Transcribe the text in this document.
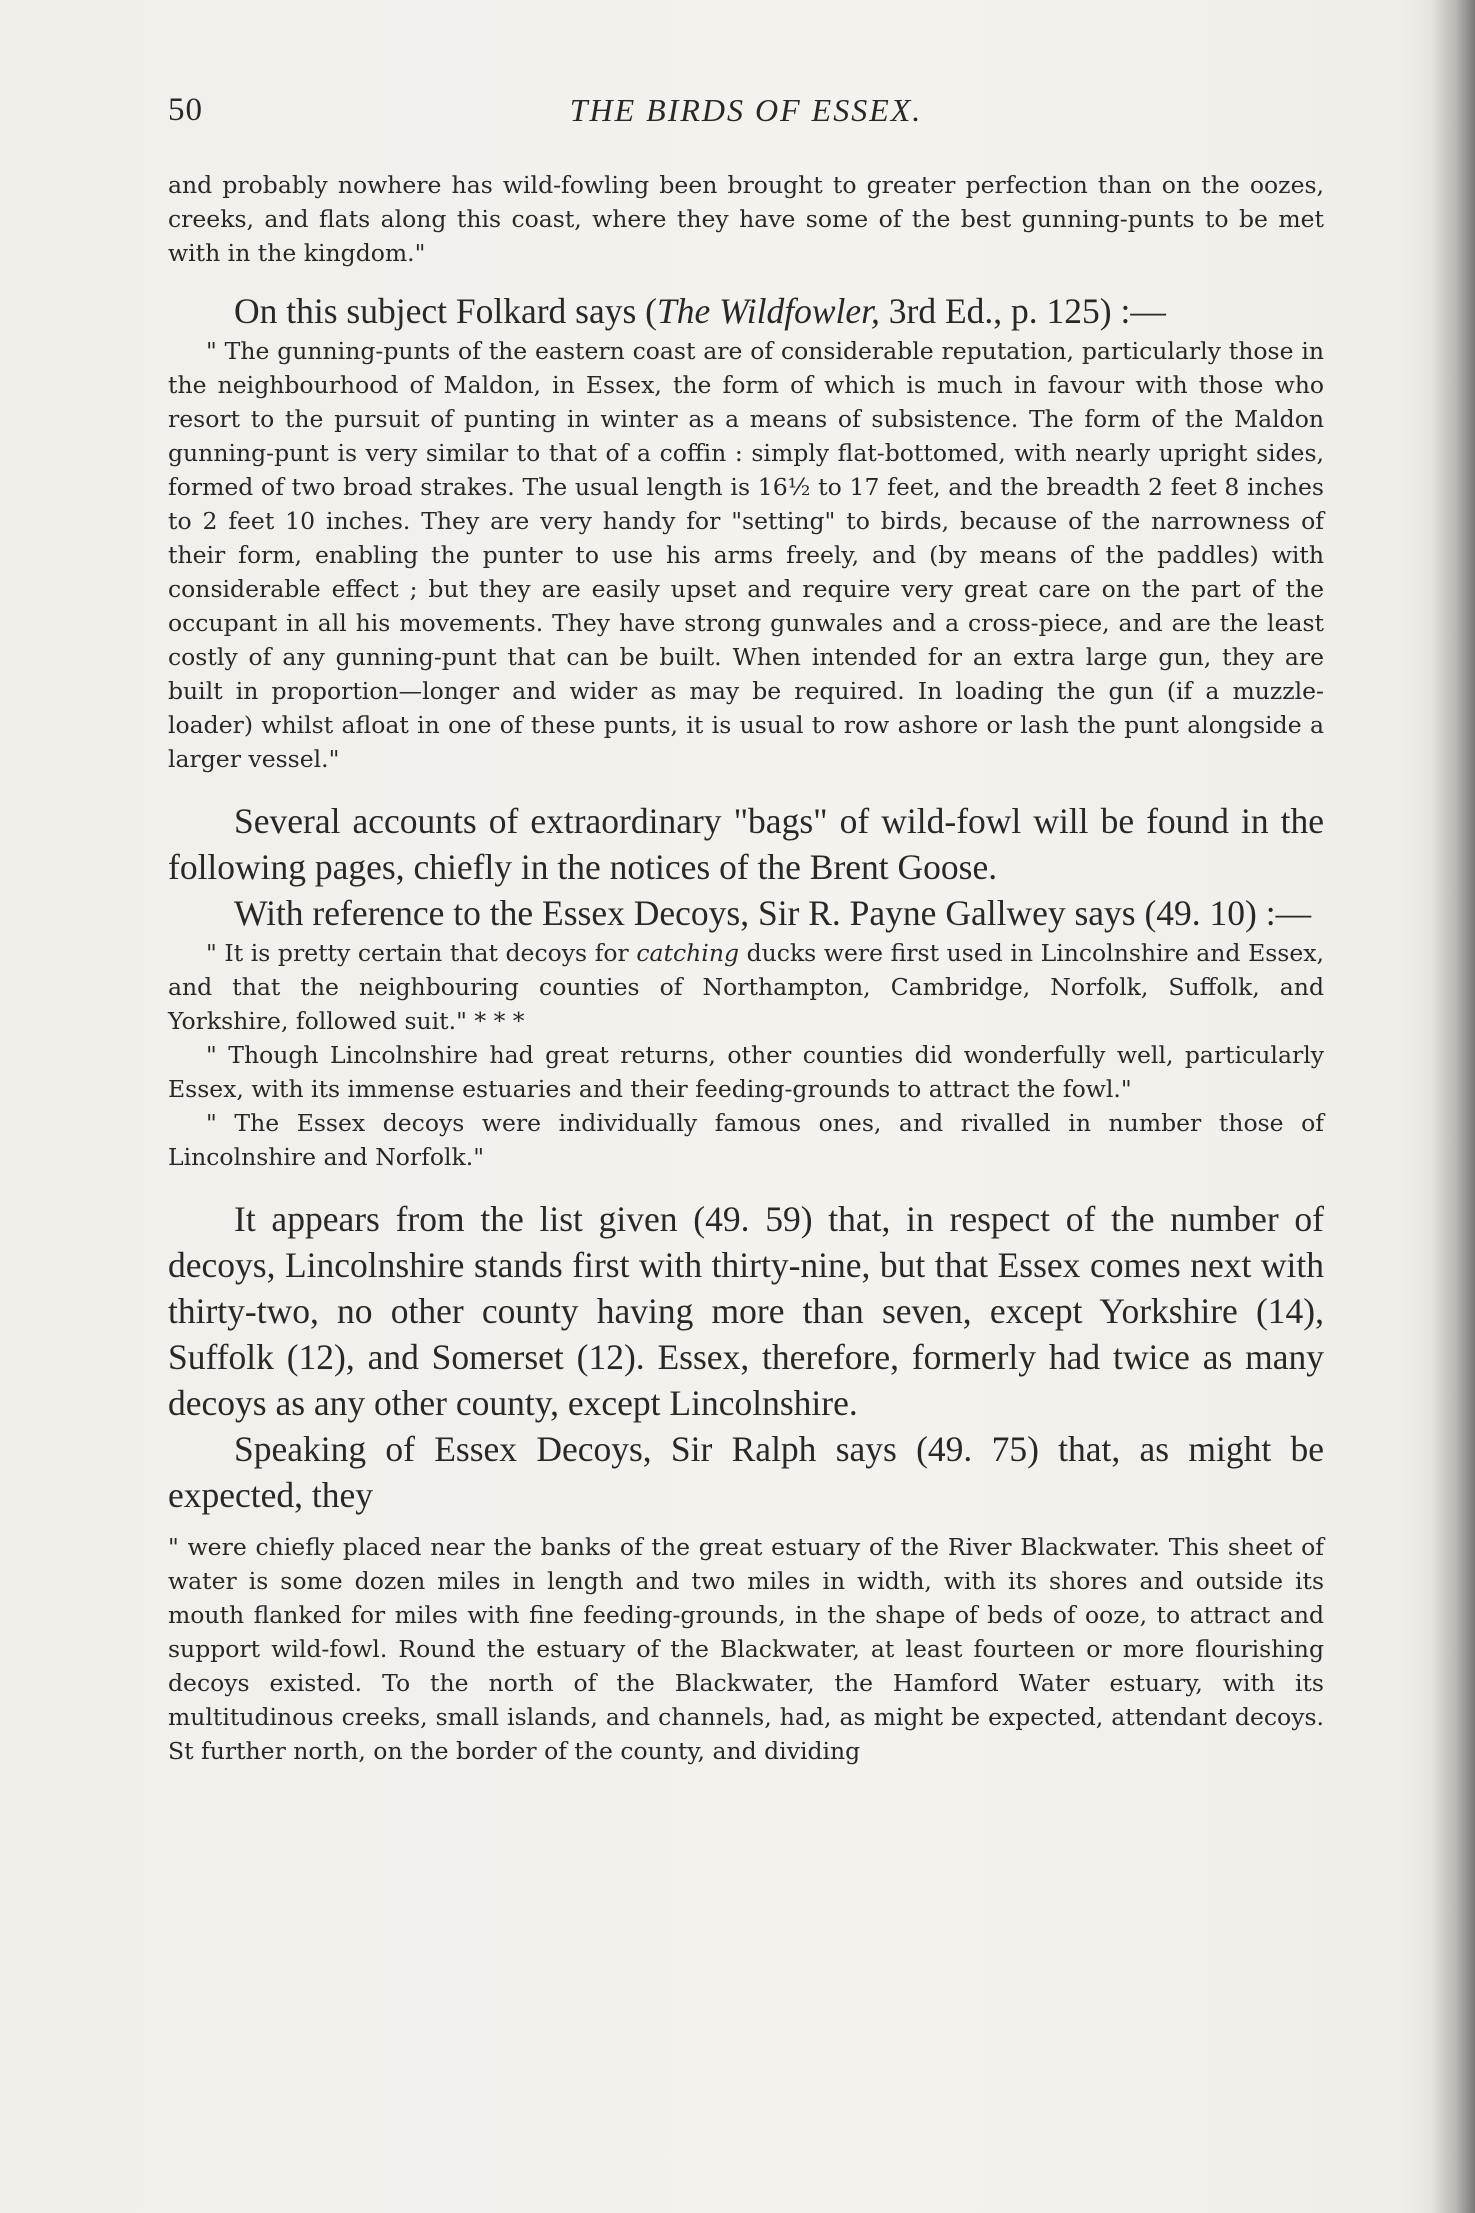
50	THE BIRDS OF ESSEX.

and probably nowhere has wild-fowling been brought to greater perfection than on the oozes, creeks, and flats along this coast, where they have some of the best gunning-punts to be met with in the kingdom."

On this subject Folkard says (The Wildfowler, 3rd Ed., p. 125) :—

" The gunning-punts of the eastern coast are of considerable reputation, particularly those in the neighbourhood of Maldon, in Essex, the form of which is much in favour with those who resort to the pursuit of punting in winter as a means of subsistence. The form of the Maldon gunning-punt is very similar to that of a coffin : simply flat-bottomed, with nearly upright sides, formed of two broad strakes. The usual length is 16½ to 17 feet, and the breadth 2 feet 8 inches to 2 feet 10 inches. They are very handy for "setting" to birds, because of the narrowness of their form, enabling the punter to use his arms freely, and (by means of the paddles) with considerable effect ; but they are easily upset and require very great care on the part of the occupant in all his movements. They have strong gunwales and a cross-piece, and are the least costly of any gunning-punt that can be built. When intended for an extra large gun, they are built in proportion—longer and wider as may be required. In loading the gun (if a muzzle-loader) whilst afloat in one of these punts, it is usual to row ashore or lash the punt alongside a larger vessel."

Several accounts of extraordinary "bags" of wild-fowl will be found in the following pages, chiefly in the notices of the Brent Goose.

With reference to the Essex Decoys, Sir R. Payne Gallwey says (49. 10) :—

" It is pretty certain that decoys for catching ducks were first used in Lincolnshire and Essex, and that the neighbouring counties of Northampton, Cambridge, Norfolk, Suffolk, and Yorkshire, followed suit." * * *

" Though Lincolnshire had great returns, other counties did wonderfully well, particularly Essex, with its immense estuaries and their feeding-grounds to attract the fowl."

" The Essex decoys were individually famous ones, and rivalled in number those of Lincolnshire and Norfolk."

It appears from the list given (49. 59) that, in respect of the number of decoys, Lincolnshire stands first with thirty-nine, but that Essex comes next with thirty-two, no other county having more than seven, except Yorkshire (14), Suffolk (12), and Somerset (12). Essex, therefore, formerly had twice as many decoys as any other county, except Lincolnshire.

Speaking of Essex Decoys, Sir Ralph says (49. 75) that, as might be expected, they

" were chiefly placed near the banks of the great estuary of the River Blackwater. This sheet of water is some dozen miles in length and two miles in width, with its shores and outside its mouth flanked for miles with fine feeding-grounds, in the shape of beds of ooze, to attract and support wild-fowl. Round the estuary of the Blackwater, at least fourteen or more flourishing decoys existed. To the north of the Blackwater, the Hamford Water estuary, with its multitudinous creeks, small islands, and channels, had, as might be expected, attendant decoys. St further north, on the border of the county, and dividing
